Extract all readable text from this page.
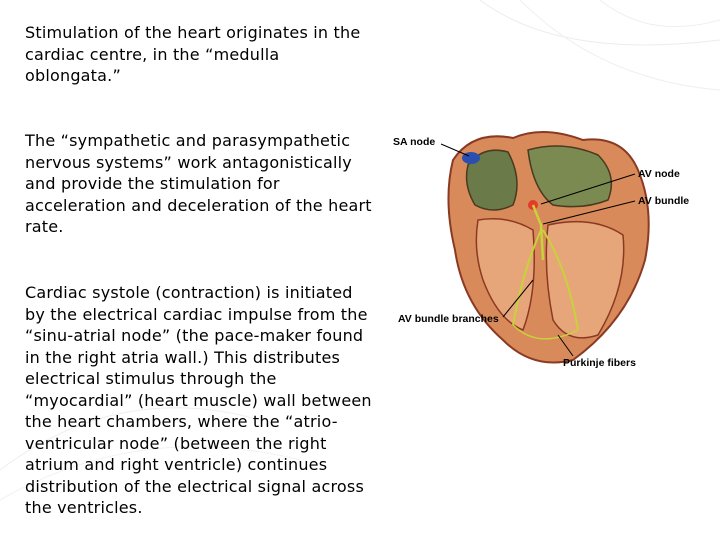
Stimulation of the heart originates in the cardiac centre, in the “medulla oblongata.”

The “sympathetic and parasympathetic nervous systems” work antagonistically and provide the stimulation for acceleration and deceleration of the heart rate.

Cardiac systole (contraction) is initiated by the electrical cardiac impulse from the “sinu-atrial node” (the pace-maker found in the right atria wall.) This distributes electrical stimulus through the “myocardial” (heart muscle) wall between the heart chambers, where the “atrio-ventricular node” (between the right atrium and right ventricle) continues distribution of the electrical signal across the ventricles.

SA node
AV node
AV bundle
AV bundle branches
Purkinje fibers
